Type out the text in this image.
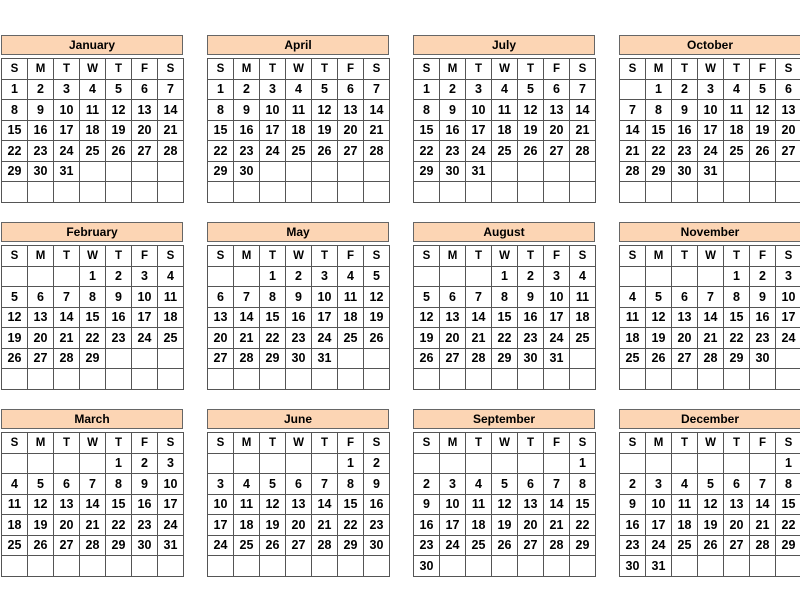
January
S	M	T	W	T	F	S
1	2	3	4	5	6	7
8	9	10	11	12	13	14
15	16	17	18	19	20	21
22	23	24	25	26	27	28
29	30	31				

April
S	M	T	W	T	F	S
1	2	3	4	5	6	7
8	9	10	11	12	13	14
15	16	17	18	19	20	21
22	23	24	25	26	27	28
29	30					

July
S	M	T	W	T	F	S
1	2	3	4	5	6	7
8	9	10	11	12	13	14
15	16	17	18	19	20	21
22	23	24	25	26	27	28
29	30	31				

October
S	M	T	W	T	F	S
	1	2	3	4	5	6
7	8	9	10	11	12	13
14	15	16	17	18	19	20
21	22	23	24	25	26	27
28	29	30	31			

February
S	M	T	W	T	F	S
			1	2	3	4
5	6	7	8	9	10	11
12	13	14	15	16	17	18
19	20	21	22	23	24	25
26	27	28	29			

May
S	M	T	W	T	F	S
		1	2	3	4	5
6	7	8	9	10	11	12
13	14	15	16	17	18	19
20	21	22	23	24	25	26
27	28	29	30	31		

August
S	M	T	W	T	F	S
			1	2	3	4
5	6	7	8	9	10	11
12	13	14	15	16	17	18
19	20	21	22	23	24	25
26	27	28	29	30	31	

November
S	M	T	W	T	F	S
				1	2	3
4	5	6	7	8	9	10
11	12	13	14	15	16	17
18	19	20	21	22	23	24
25	26	27	28	29	30	

March
S	M	T	W	T	F	S
				1	2	3
4	5	6	7	8	9	10
11	12	13	14	15	16	17
18	19	20	21	22	23	24
25	26	27	28	29	30	31

June
S	M	T	W	T	F	S
					1	2
3	4	5	6	7	8	9
10	11	12	13	14	15	16
17	18	19	20	21	22	23
24	25	26	27	28	29	30

September
S	M	T	W	T	F	S
						1
2	3	4	5	6	7	8
9	10	11	12	13	14	15
16	17	18	19	20	21	22
23	24	25	26	27	28	29
30						
December
S	M	T	W	T	F	S
						1
2	3	4	5	6	7	8
9	10	11	12	13	14	15
16	17	18	19	20	21	22
23	24	25	26	27	28	29
30	31					
